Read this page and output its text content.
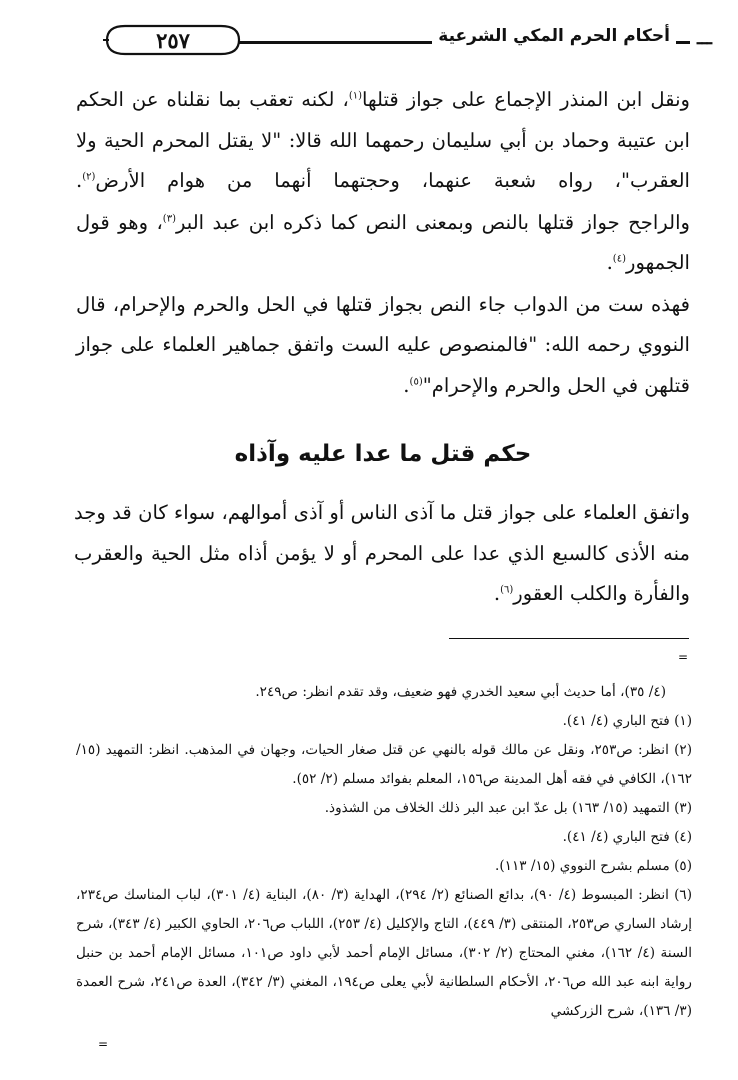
ـــ
أحكام الحرم المكي الشرعية
٢٥٧

ونقل ابن المنذر الإجماع على جواز قتلها$^{(١)}$، لكنه تعقب بما نقلناه عن الحكم ابن عتيبة وحماد بن أبي سليمان رحمهما الله قالا: "لا يقتل المحرم الحية ولا العقرب"، رواه شعبة عنهما، وحجتهما أنهما من هوام الأرض$^{(٢)}$.

والراجح جواز قتلها بالنص وبمعنى النص كما ذكره ابن عبد البر$^{(٣)}$، وهو قول الجمهور$^{(٤)}$.

فهذه ست من الدواب جاء النص بجواز قتلها في الحل والحرم والإحرام، قال النووي رحمه الله: "فالمنصوص عليه الست واتفق جماهير العلماء على جواز قتلهن في الحل والحرم والإحرام"$^{(٥)}$.

حكم قتل ما عدا عليه وآذاه

واتفق العلماء على جواز قتل ما آذى الناس أو آذى أموالهم، سواء كان قد وجد منه الأذى كالسبع الذي عدا على المحرم أو لا يؤمن أذاه مثل الحية والعقرب والفأرة والكلب العقور$^{(٦)}$.

=
(٤/ ٣٥)، أما حديث أبي سعيد الخدري فهو ضعيف، وقد تقدم انظر: ص٢٤٩.
(١) فتح الباري (٤/ ٤١).
(٢) انظر: ص٢٥٣، ونقل عن مالك قوله بالنهي عن قتل صغار الحيات، وجهان في المذهب. انظر: التمهيد (١٥/ ١٦٢)، الكافي في فقه أهل المدينة ص١٥٦، المعلم بفوائد مسلم (٢/ ٥٢).
(٣) التمهيد (١٥/ ١٦٣) بل عدّ ابن عبد البر ذلك الخلاف من الشذوذ.
(٤) فتح الباري (٤/ ٤١).
(٥) مسلم بشرح النووي (١٥/ ١١٣).
(٦) انظر: المبسوط (٤/ ٩٠)، بدائع الصنائع (٢/ ٢٩٤)، الهداية (٣/ ٨٠)، البناية (٤/ ٣٠١)، لباب المناسك ص٢٣٤، إرشاد الساري ص٢٥٣، المنتقى (٣/ ٤٤٩)، التاج والإكليل (٤/ ٢٥٣)، اللباب ص٢٠٦، الحاوي الكبير (٤/ ٣٤٣)، شرح السنة (٤/ ١٦٢)، مغني المحتاج (٢/ ٣٠٢)، مسائل الإمام أحمد لأبي داود ص١٠١، مسائل الإمام أحمد بن حنبل رواية ابنه عبد الله ص٢٠٦، الأحكام السلطانية لأبي يعلى ص١٩٤، المغني (٣/ ٣٤٢)، العدة ص٢٤١، شرح العمدة (٣/ ١٣٦)، شرح الزركشي
=
